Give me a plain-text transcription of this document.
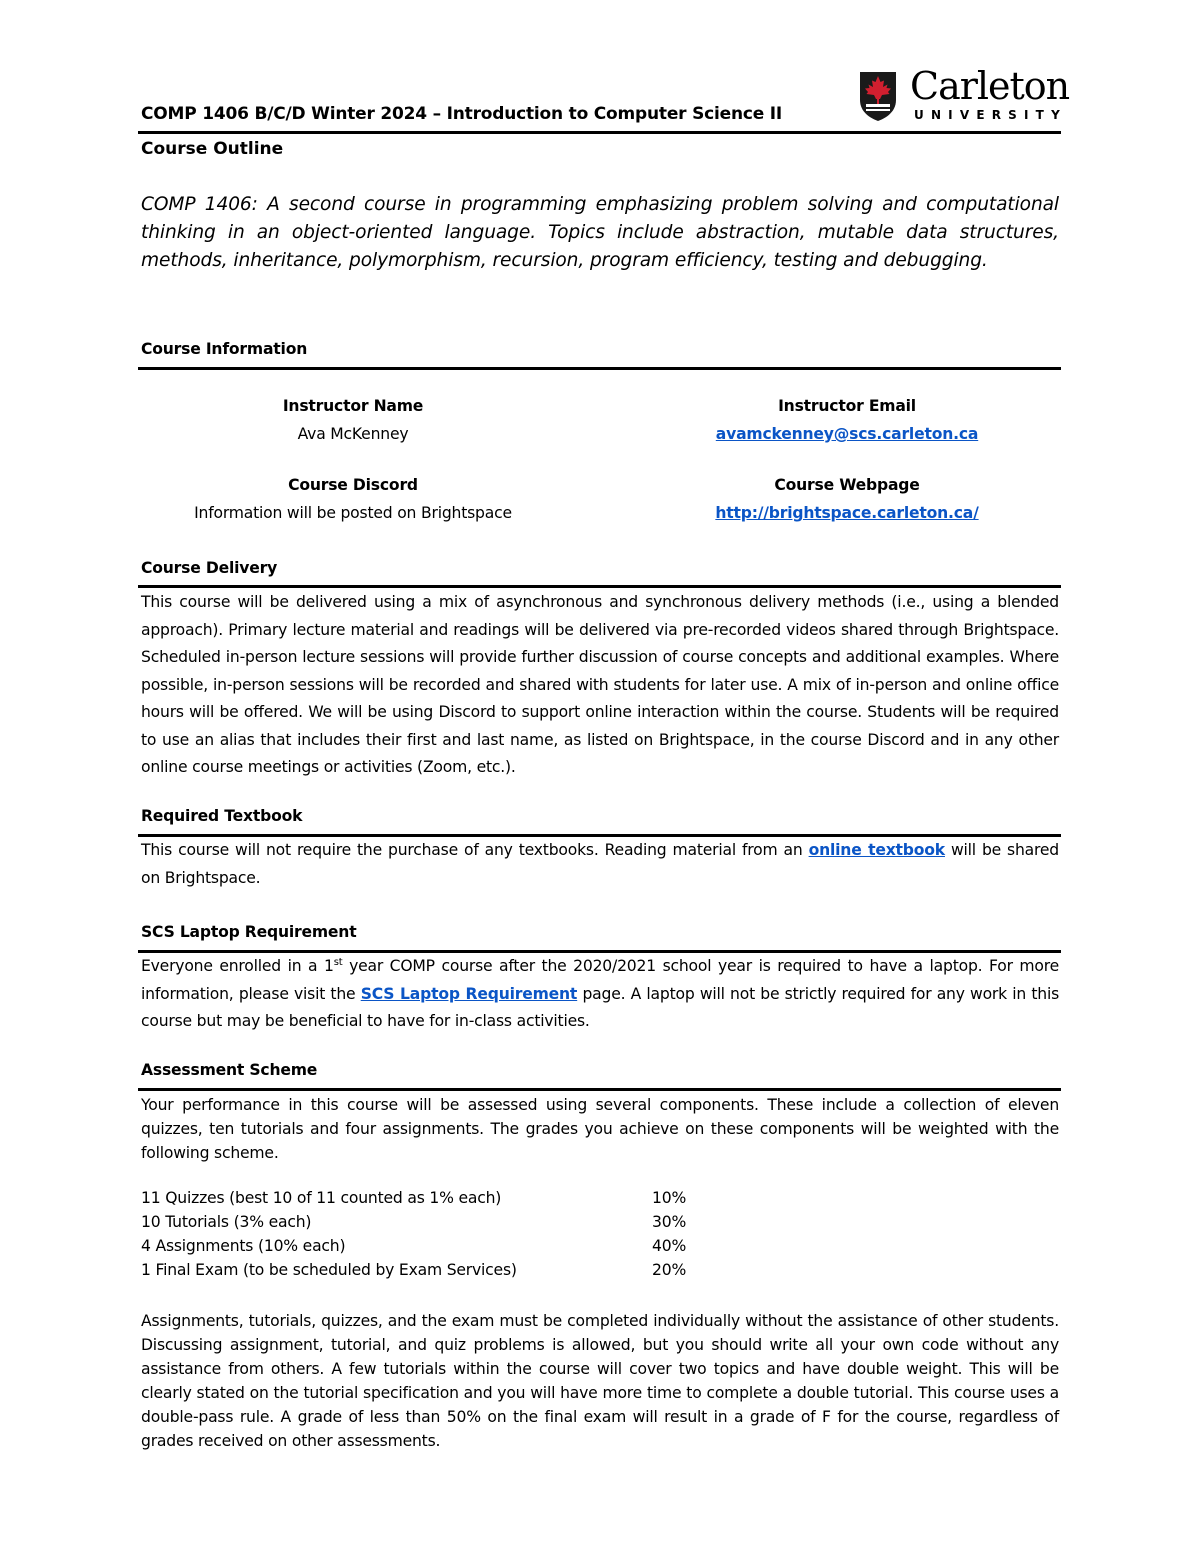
Carleton
UNIVERSITY
COMP 1406 B/C/D Winter 2024 – Introduction to Computer Science II
Course Outline
COMP 1406: A second course in programming emphasizing problem solving and computational thinking in an object-oriented language. Topics include abstraction, mutable data structures, methods, inheritance, polymorphism, recursion, program efficiency, testing and debugging.
Course Information
Instructor Name
Ava McKenney
Instructor Email
avamckenney@scs.carleton.ca
Course Discord
Information will be posted on Brightspace
Course Webpage
http://brightspace.carleton.ca/
Course Delivery
This course will be delivered using a mix of asynchronous and synchronous delivery methods (i.e., using a blended approach). Primary lecture material and readings will be delivered via pre-recorded videos shared through Brightspace. Scheduled in-person lecture sessions will provide further discussion of course concepts and additional examples. Where possible, in-person sessions will be recorded and shared with students for later use. A mix of in-person and online office hours will be offered. We will be using Discord to support online interaction within the course. Students will be required to use an alias that includes their first and last name, as listed on Brightspace, in the course Discord and in any other online course meetings or activities (Zoom, etc.).
Required Textbook
This course will not require the purchase of any textbooks. Reading material from an online textbook will be shared on Brightspace.
SCS Laptop Requirement
Everyone enrolled in a 1st year COMP course after the 2020/2021 school year is required to have a laptop. For more information, please visit the SCS Laptop Requirement page. A laptop will not be strictly required for any work in this course but may be beneficial to have for in-class activities.
Assessment Scheme
Your performance in this course will be assessed using several components. These include a collection of eleven quizzes, ten tutorials and four assignments. The grades you achieve on these components will be weighted with the following scheme.
11 Quizzes (best 10 of 11 counted as 1% each)	10%
10 Tutorials (3% each)	30%
4 Assignments (10% each)	40%
1 Final Exam (to be scheduled by Exam Services)	20%
Assignments, tutorials, quizzes, and the exam must be completed individually without the assistance of other students. Discussing assignment, tutorial, and quiz problems is allowed, but you should write all your own code without any assistance from others. A few tutorials within the course will cover two topics and have double weight. This will be clearly stated on the tutorial specification and you will have more time to complete a double tutorial. This course uses a double-pass rule. A grade of less than 50% on the final exam will result in a grade of F for the course, regardless of grades received on other assessments.
